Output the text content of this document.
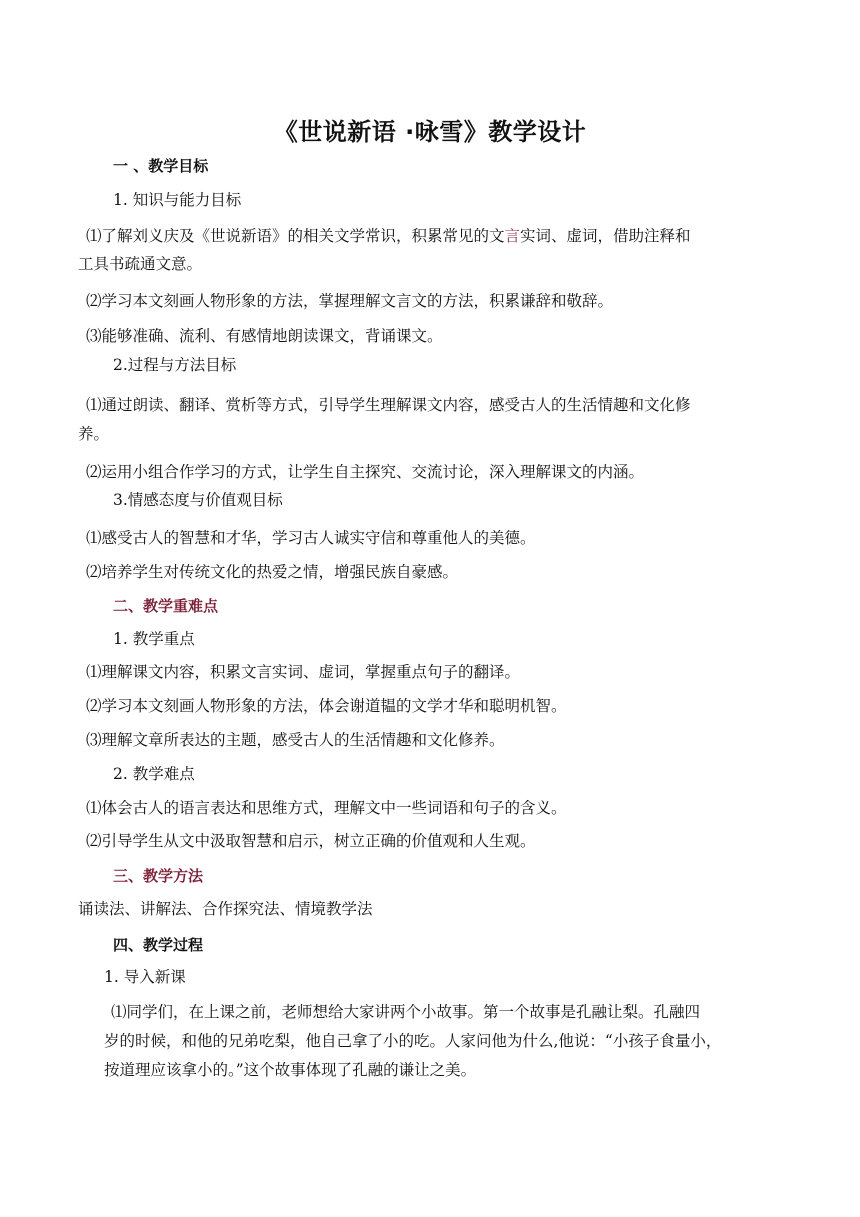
《世说新语 ·咏雪》教学设计
一 、教学目标
1. 知识与能力目标
⑴了解刘义庆及《世说新语》的相关文学常识，积累常见的文言实词、虚词，借助注释和
工具书疏通文意。
⑵学习本文刻画人物形象的方法，掌握理解文言文的方法，积累谦辞和敬辞。
⑶能够准确、流利、有感情地朗读课文，背诵课文。
2.过程与方法目标
⑴通过朗读、翻译、赏析等方式，引导学生理解课文内容，感受古人的生活情趣和文化修
养。
⑵运用小组合作学习的方式，让学生自主探究、交流讨论，深入理解课文的内涵。
3.情感态度与价值观目标
⑴感受古人的智慧和才华，学习古人诚实守信和尊重他人的美德。
⑵培养学生对传统文化的热爱之情，增强民族自豪感。
二、教学重难点
1. 教学重点
⑴理解课文内容，积累文言实词、虚词，掌握重点句子的翻译。
⑵学习本文刻画人物形象的方法，体会谢道韫的文学才华和聪明机智。
⑶理解文章所表达的主题，感受古人的生活情趣和文化修养。
2. 教学难点
⑴体会古人的语言表达和思维方式，理解文中一些词语和句子的含义。
⑵引导学生从文中汲取智慧和启示，树立正确的价值观和人生观。
三、教学方法
诵读法、讲解法、合作探究法、情境教学法
四、教学过程
1. 导入新课
⑴同学们，在上课之前，老师想给大家讲两个小故事。第一个故事是孔融让梨。孔融四
岁的时候，和他的兄弟吃梨，他自己拿了小的吃。人家问他为什么,他说：“小孩子食量小，
按道理应该拿小的。”这个故事体现了孔融的谦让之美。
